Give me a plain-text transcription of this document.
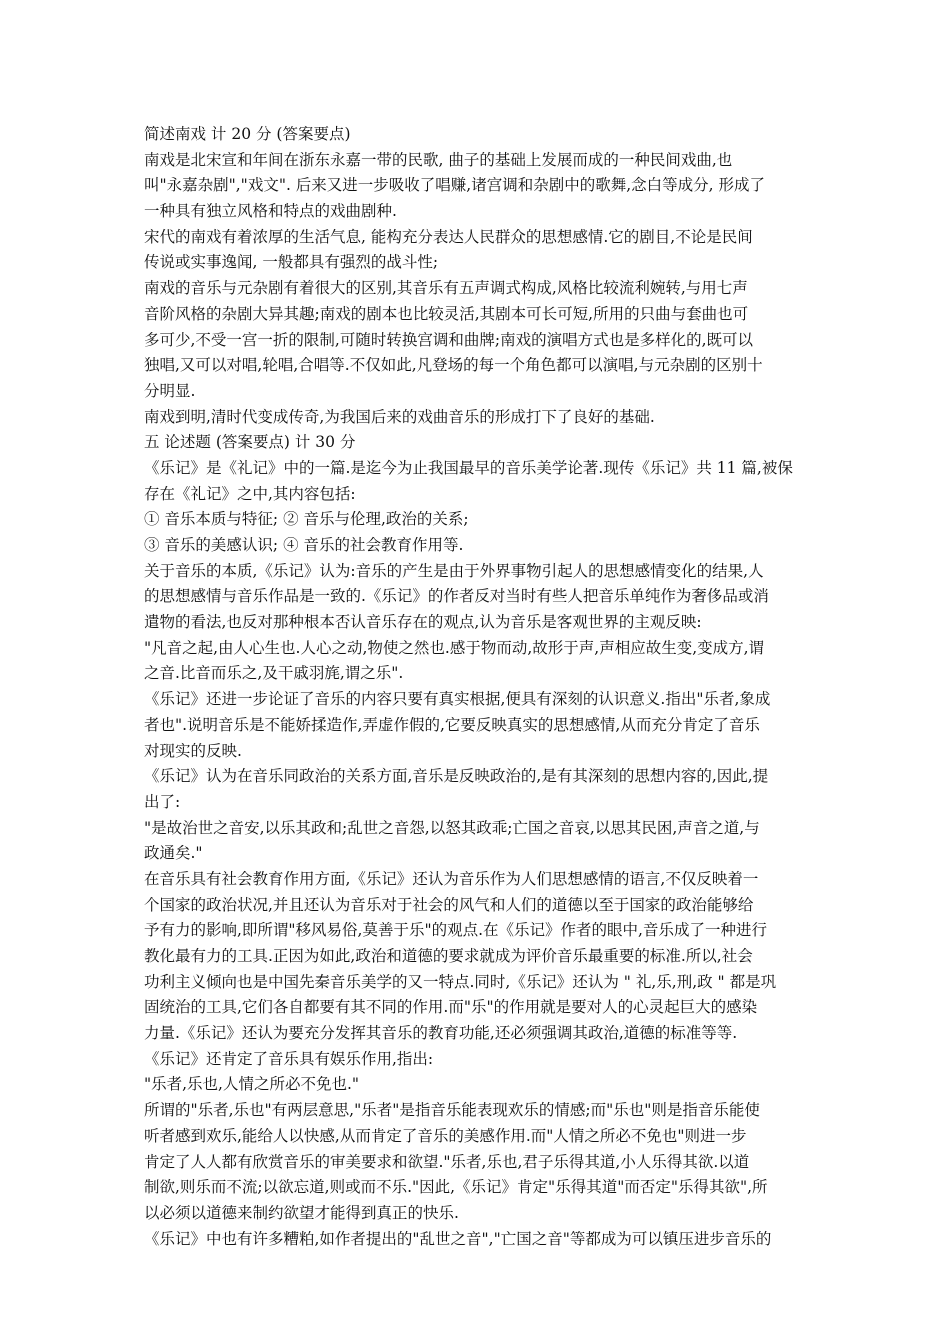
简述南戏 计 20 分 (答案要点)
南戏是北宋宣和年间在浙东永嘉一带的民歌, 曲子的基础上发展而成的一种民间戏曲,也
叫"永嘉杂剧","戏文". 后来又进一步吸收了唱赚,诸宫调和杂剧中的歌舞,念白等成分, 形成了
一种具有独立风格和特点的戏曲剧种.
宋代的南戏有着浓厚的生活气息, 能构充分表达人民群众的思想感情.它的剧目,不论是民间
传说或实事逸闻, 一般都具有强烈的战斗性;
南戏的音乐与元杂剧有着很大的区别,其音乐有五声调式构成,风格比较流利婉转,与用七声
音阶风格的杂剧大异其趣;南戏的剧本也比较灵活,其剧本可长可短,所用的只曲与套曲也可
多可少,不受一宫一折的限制,可随时转换宫调和曲牌;南戏的演唱方式也是多样化的,既可以
独唱,又可以对唱,轮唱,合唱等.不仅如此,凡登场的每一个角色都可以演唱,与元杂剧的区别十
分明显.
南戏到明,清时代变成传奇,为我国后来的戏曲音乐的形成打下了良好的基础.
五 论述题 (答案要点) 计 30 分
《乐记》是《礼记》中的一篇.是迄今为止我国最早的音乐美学论著.现传《乐记》共 11 篇,被保
存在《礼记》之中,其内容包括:
① 音乐本质与特征; ② 音乐与伦理,政治的关系;
③ 音乐的美感认识; ④ 音乐的社会教育作用等.
关于音乐的本质,《乐记》认为:音乐的产生是由于外界事物引起人的思想感情变化的结果,人
的思想感情与音乐作品是一致的.《乐记》的作者反对当时有些人把音乐单纯作为奢侈品或消
遣物的看法,也反对那种根本否认音乐存在的观点,认为音乐是客观世界的主观反映:
"凡音之起,由人心生也.人心之动,物使之然也.感于物而动,故形于声,声相应故生变,变成方,谓
之音.比音而乐之,及干戚羽旄,谓之乐".
《乐记》还进一步论证了音乐的内容只要有真实根据,便具有深刻的认识意义.指出"乐者,象成
者也".说明音乐是不能娇揉造作,弄虚作假的,它要反映真实的思想感情,从而充分肯定了音乐
对现实的反映.
《乐记》认为在音乐同政治的关系方面,音乐是反映政治的,是有其深刻的思想内容的,因此,提
出了:
"是故治世之音安,以乐其政和;乱世之音怨,以怒其政乖;亡国之音哀,以思其民困,声音之道,与
政通矣."
在音乐具有社会教育作用方面,《乐记》还认为音乐作为人们思想感情的语言,不仅反映着一
个国家的政治状况,并且还认为音乐对于社会的风气和人们的道德以至于国家的政治能够给
予有力的影响,即所谓"移风易俗,莫善于乐"的观点.在《乐记》作者的眼中,音乐成了一种进行
教化最有力的工具.正因为如此,政治和道德的要求就成为评价音乐最重要的标准.所以,社会
功利主义倾向也是中国先秦音乐美学的又一特点.同时,《乐记》还认为 " 礼,乐,刑,政 " 都是巩
固统治的工具,它们各自都要有其不同的作用.而"乐"的作用就是要对人的心灵起巨大的感染
力量.《乐记》还认为要充分发挥其音乐的教育功能,还必须强调其政治,道德的标准等等.
《乐记》还肯定了音乐具有娱乐作用,指出:
"乐者,乐也,人情之所必不免也."
所谓的"乐者,乐也"有两层意思,"乐者"是指音乐能表现欢乐的情感;而"乐也"则是指音乐能使
听者感到欢乐,能给人以快感,从而肯定了音乐的美感作用.而"人情之所必不免也"则进一步
肯定了人人都有欣赏音乐的审美要求和欲望."乐者,乐也,君子乐得其道,小人乐得其欲.以道
制欲,则乐而不流;以欲忘道,则或而不乐."因此,《乐记》肯定"乐得其道"而否定"乐得其欲",所
以必须以道德来制约欲望才能得到真正的快乐.
《乐记》中也有许多糟粕,如作者提出的"乱世之音","亡国之音"等都成为可以镇压进步音乐的
